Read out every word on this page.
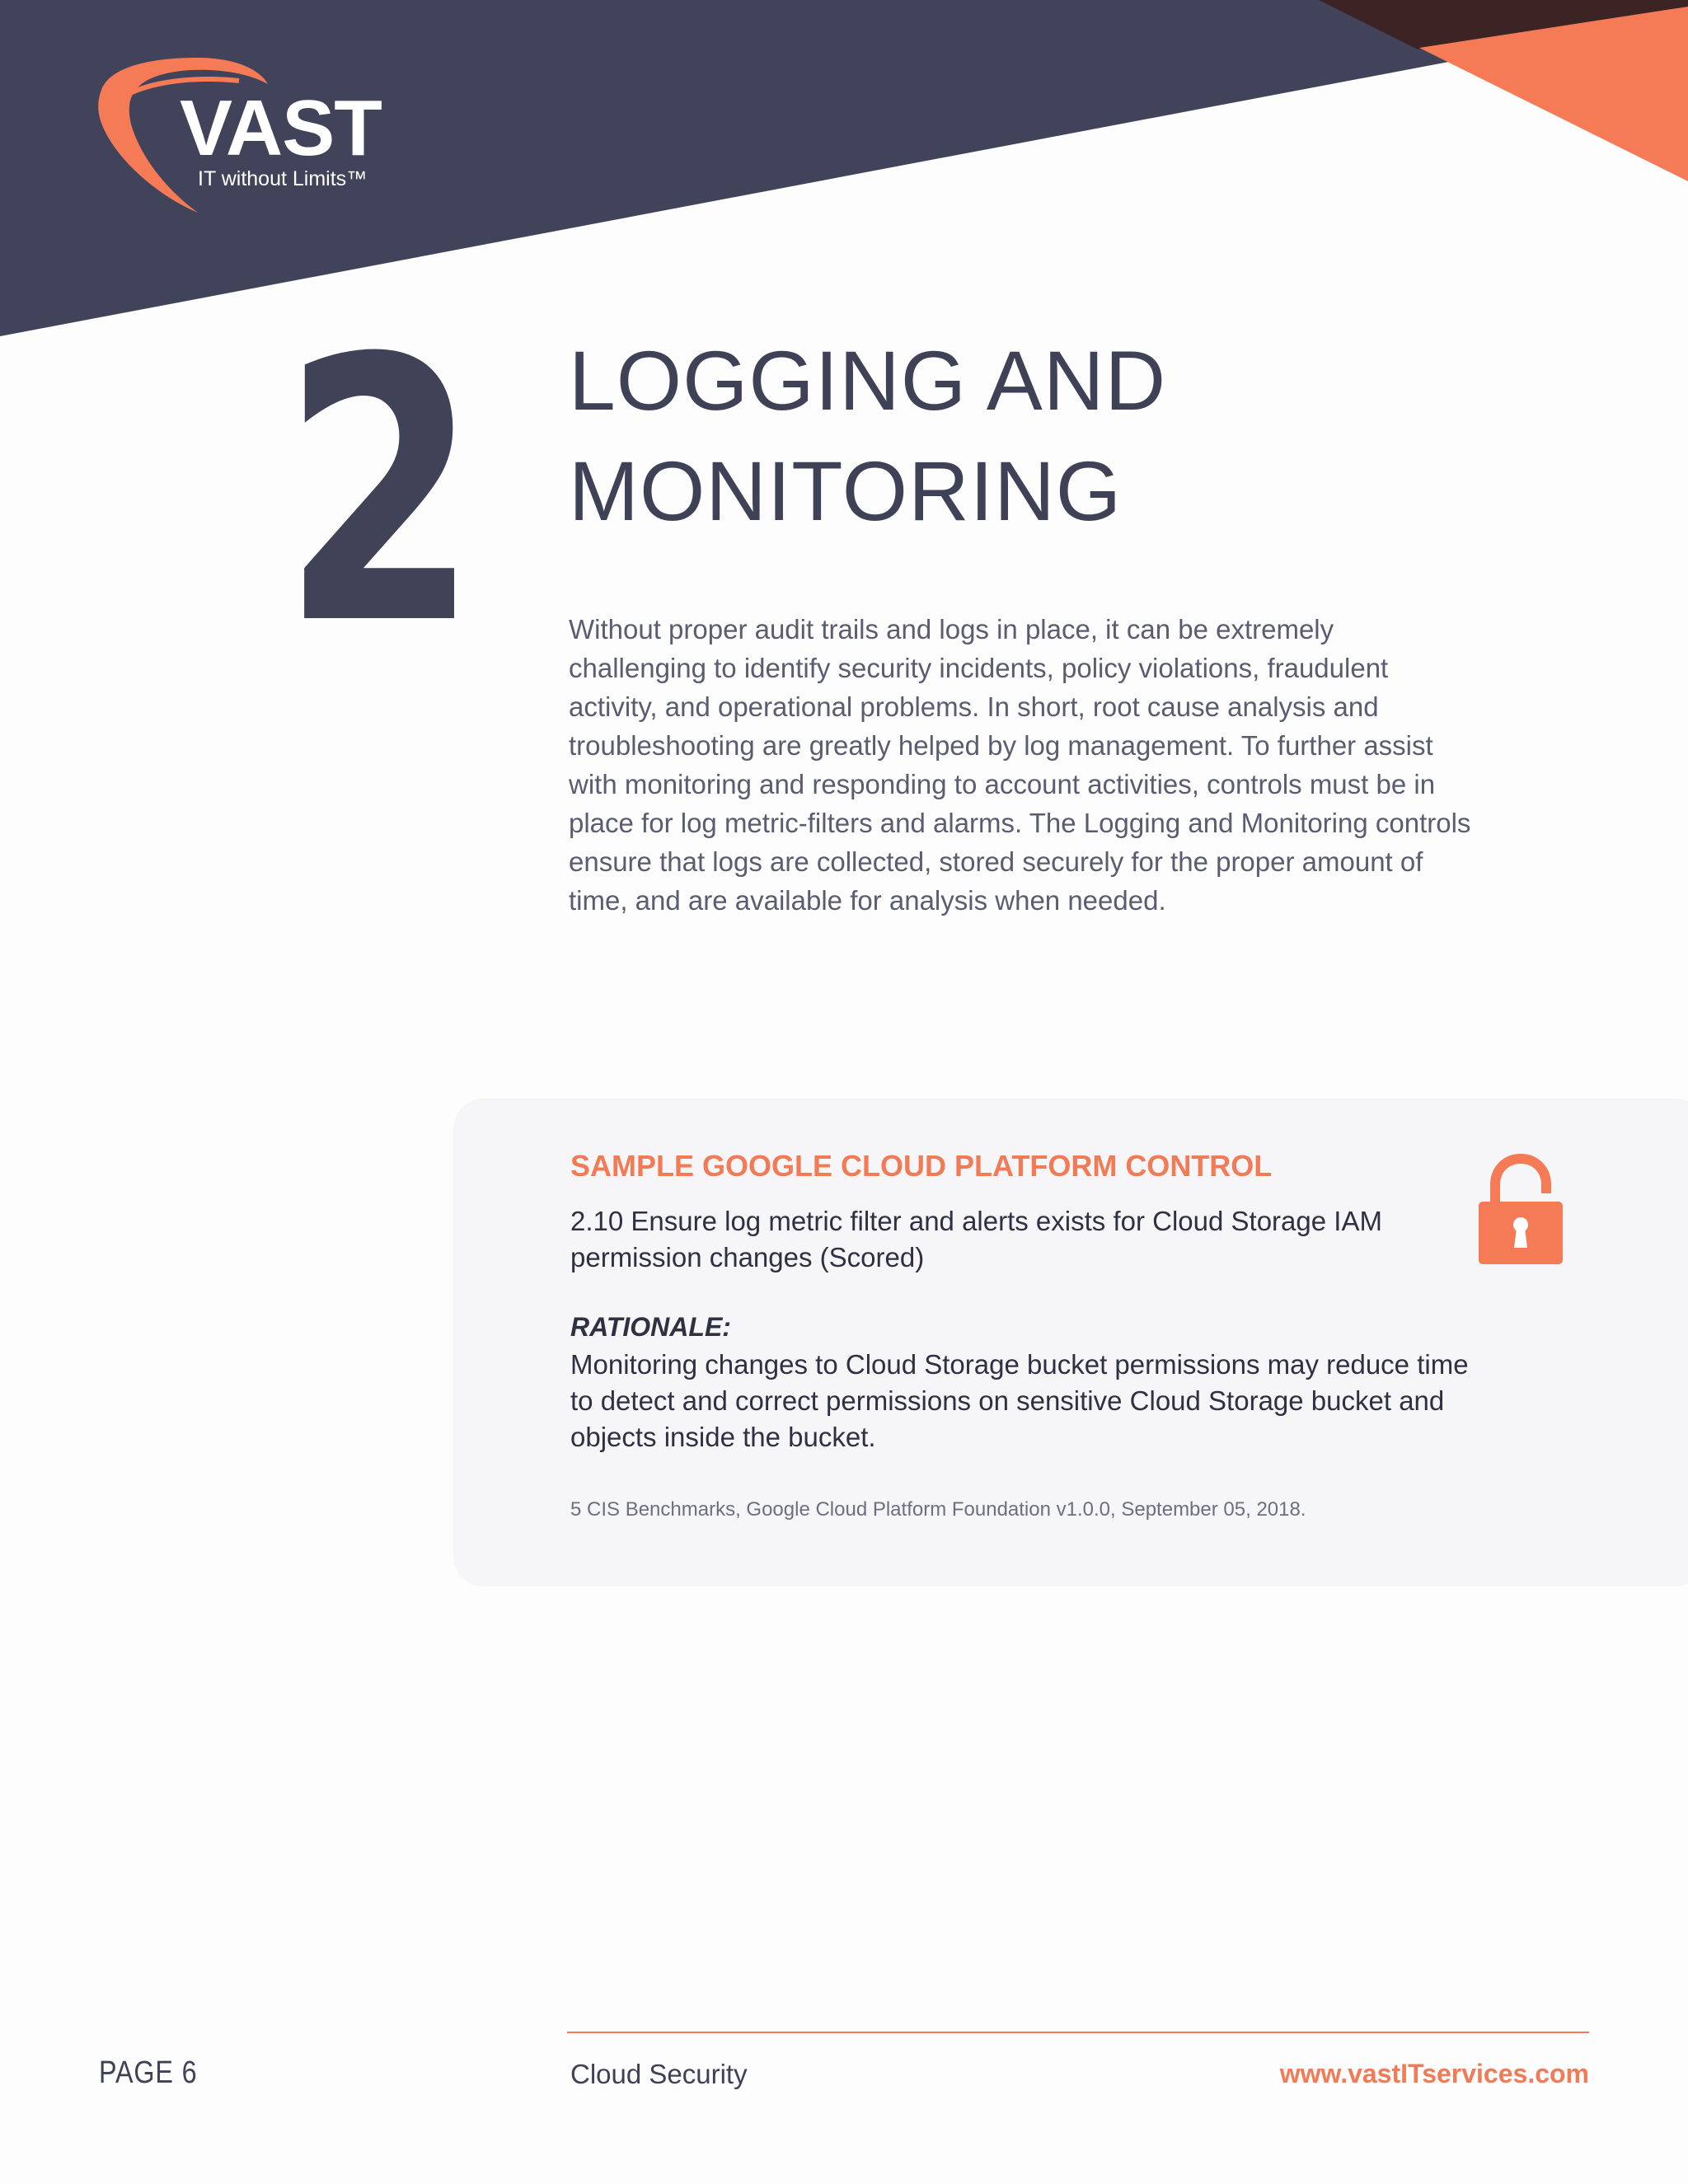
VAST
IT without Limits™
2 LOGGING AND
MONITORING

Without proper audit trails and logs in place, it can be extremely challenging to identify security incidents, policy violations, fraudulent activity, and operational problems. In short, root cause analysis and troubleshooting are greatly helped by log management. To further assist with monitoring and responding to account activities, controls must be in place for log metric-filters and alarms. The Logging and Monitoring controls ensure that logs are collected, stored securely for the proper amount of time, and are available for analysis when needed.

SAMPLE GOOGLE CLOUD PLATFORM CONTROL

2.10 Ensure log metric filter and alerts exists for Cloud Storage IAM permission changes (Scored)

RATIONALE:

Monitoring changes to Cloud Storage bucket permissions may reduce time to detect and correct permissions on sensitive Cloud Storage bucket and objects inside the bucket.

5 CIS Benchmarks, Google Cloud Platform Foundation v1.0.0, September 05, 2018.

PAGE 6	Cloud Security	www.vastITservices.com
